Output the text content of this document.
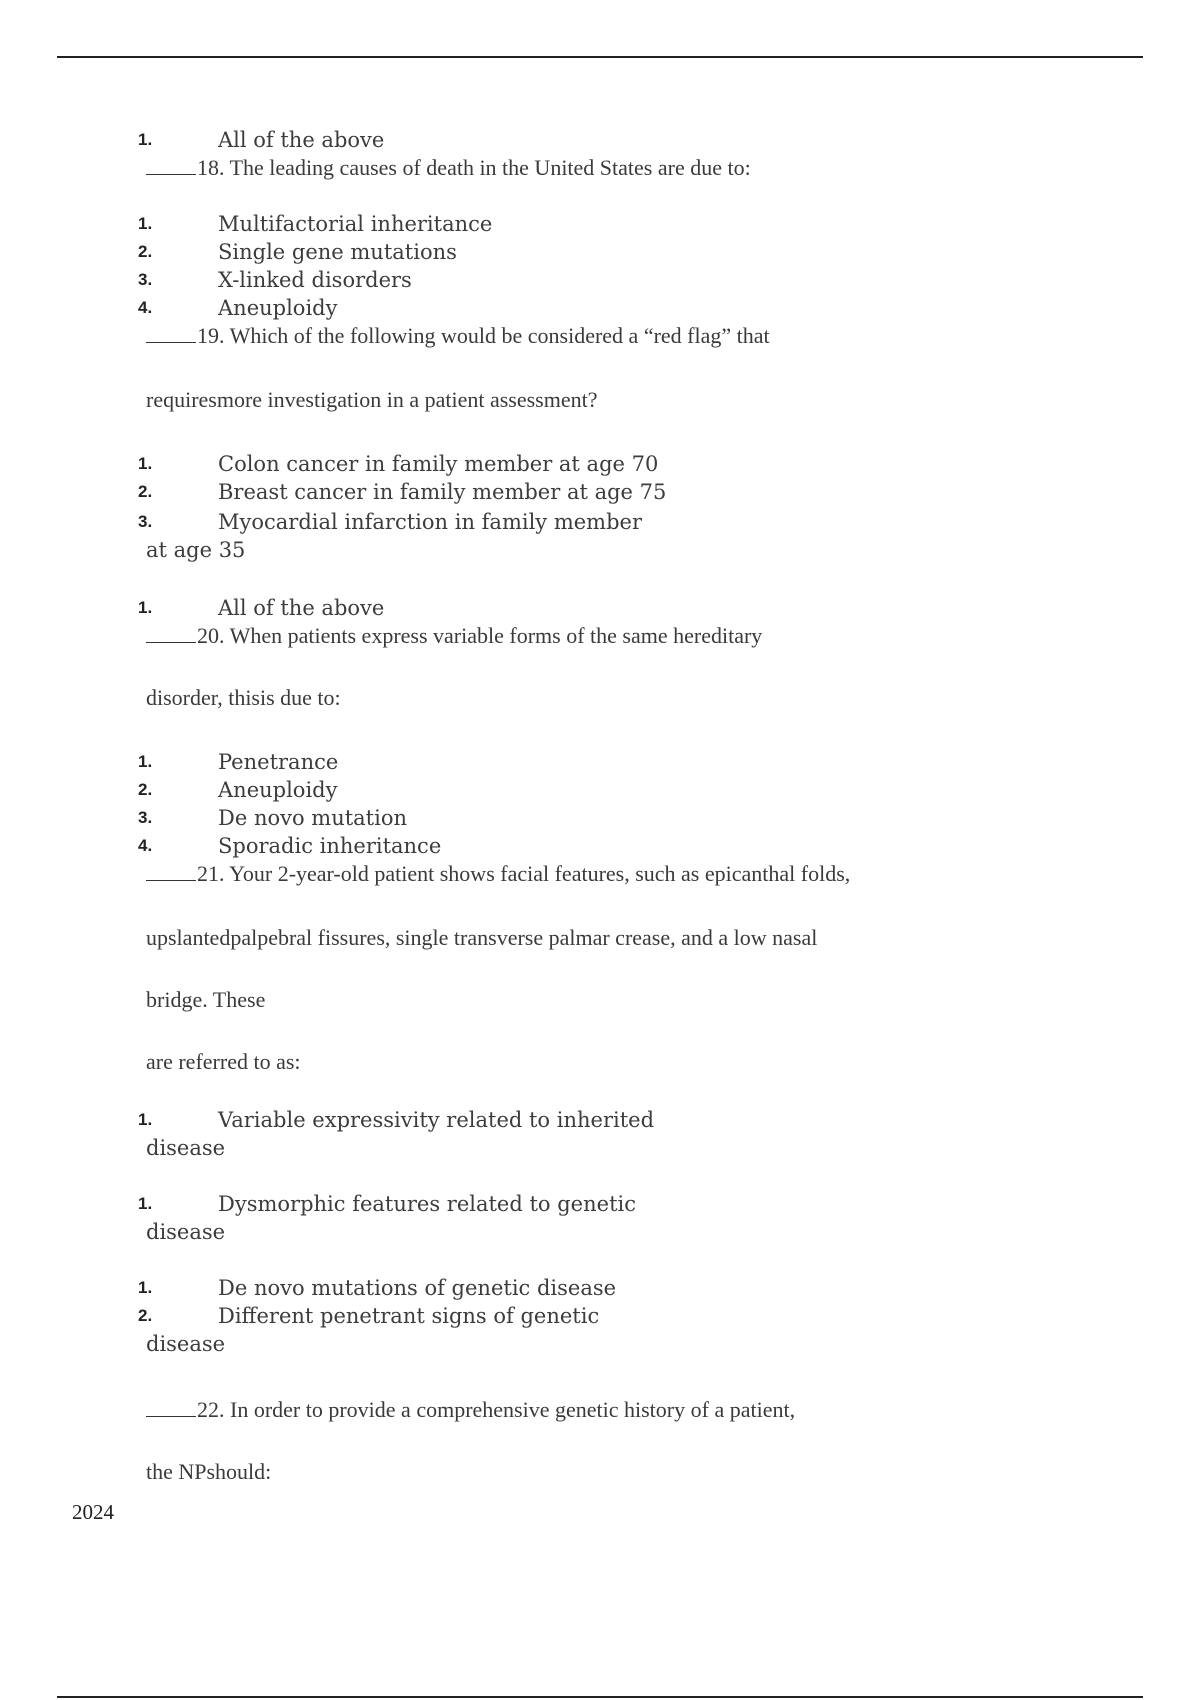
1.	All of the above
18. The leading causes of death in the United States are due to:
1.	Multifactorial inheritance
2.	Single gene mutations
3.	X-linked disorders
4.	Aneuploidy
19. Which of the following would be considered a “red flag” that
requiresmore investigation in a patient assessment?
1.	Colon cancer in family member at age 70
2.	Breast cancer in family member at age 75
3.	Myocardial infarction in family member
at age 35
1.	All of the above
20. When patients express variable forms of the same hereditary
disorder, thisis due to:
1.	Penetrance
2.	Aneuploidy
3.	De novo mutation
4.	Sporadic inheritance
21. Your 2-year-old patient shows facial features, such as epicanthal folds,
upslantedpalpebral fissures, single transverse palmar crease, and a low nasal
bridge. These
are referred to as:
1.	Variable expressivity related to inherited
disease
1.	Dysmorphic features related to genetic
disease
1.	De novo mutations of genetic disease
2.	Different penetrant signs of genetic
disease
22. In order to provide a comprehensive genetic history of a patient,
the NPshould:
2024
